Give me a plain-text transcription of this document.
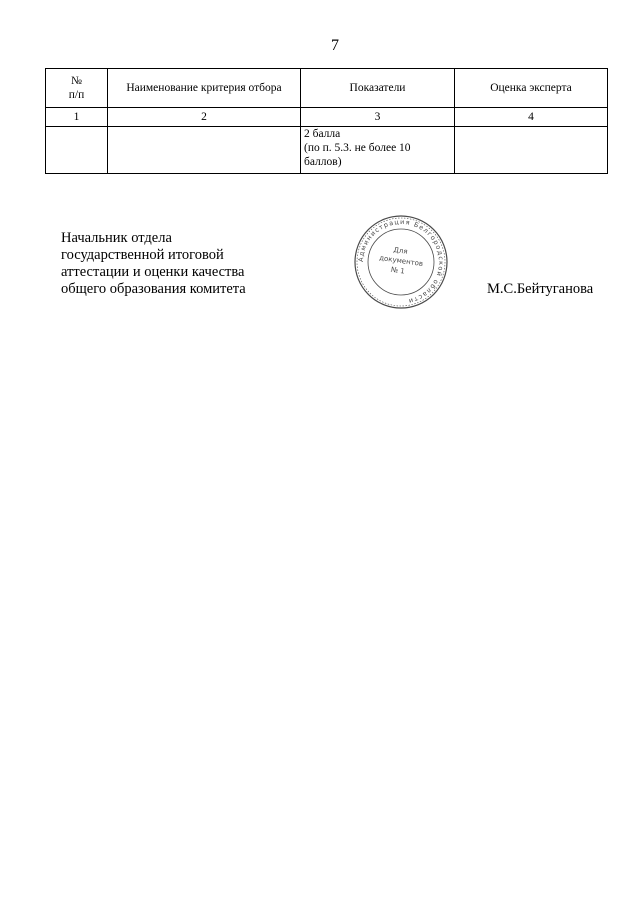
7
№
п/п	Наименование критерия отбора	Показатели	Оценка эксперта
1	2	3	4

		2 балла
(по п. 5.3. не более 10
баллов)	

Начальник отдела
государственной итоговой
аттестации и оценки качества
общего образования комитета
Администрация Белгородской области
Для
документов
№ 1
М.С.Бейтуганова
